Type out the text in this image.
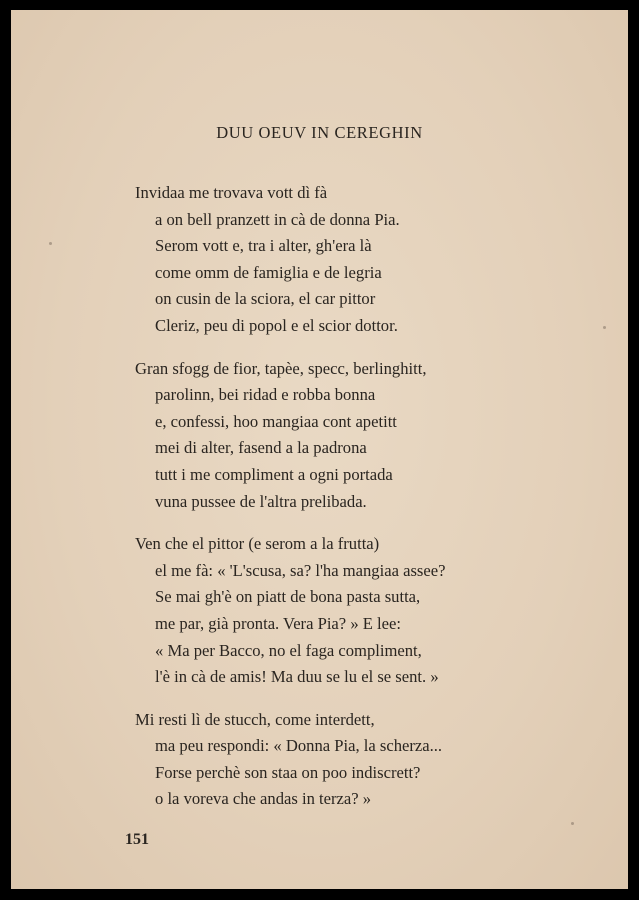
DUU OEUV IN CEREGHIN
Invidaa me trovava vott dì fà
a on bell pranzett in cà de donna Pia.
Serom vott e, tra i alter, gh'era là
come omm de famiglia e de legria
on cusin de la sciora, el car pittor
Cleriz, peu di popol e el scior dottor.
Gran sfogg de fior, tapèe, specc, berlinghitt,
parolinn, bei ridad e robba bonna
e, confessi, hoo mangiaa cont apetitt
mei di alter, fasend a la padrona
tutt i me compliment a ogni portada
vuna pussee de l'altra prelibada.
Ven che el pittor (e serom a la frutta)
el me fà: « 'L'scusa, sa? l'ha mangiaa assee?
Se mai gh'è on piatt de bona pasta sutta,
me par, già pronta. Vera Pia? » E lee:
« Ma per Bacco, no el faga compliment,
l'è in cà de amis! Ma duu se lu el se sent. »
Mi resti lì de stucch, come interdett,
ma peu respondi: « Donna Pia, la scherza...
Forse perchè son staa on poo indiscrett?
o la voreva che andas in terza? »
151
